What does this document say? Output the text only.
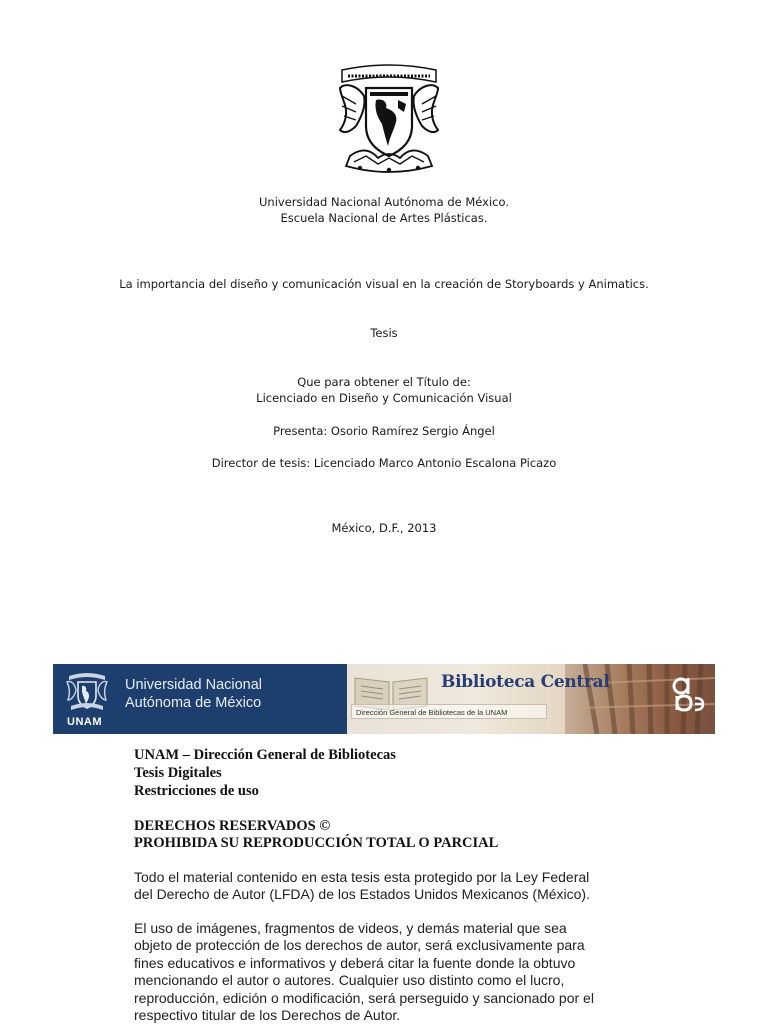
Universidad Nacional Autónoma de México.
Escuela Nacional de Artes Plásticas.
La importancia del diseño y comunicación visual en la creación de Storyboards y Animatics.
Tesis
Que para obtener el Título de:
Licenciado en Diseño y Comunicación Visual
Presenta: Osorio Ramírez Sergio Ángel
Director de tesis: Licenciado Marco Antonio Escalona Picazo
México, D.F., 2013
UNAM
Universidad Nacional
Autónoma de México
Biblioteca Central
Dirección General de Bibliotecas de la UNAM
UNAM – Dirección General de Bibliotecas
Tesis Digitales
Restricciones de uso
DERECHOS RESERVADOS ©
PROHIBIDA SU REPRODUCCIÓN TOTAL O PARCIAL

Todo el material contenido en esta tesis esta protegido por la Ley Federal
del Derecho de Autor (LFDA) de los Estados Unidos Mexicanos (México).

El uso de imágenes, fragmentos de videos, y demás material que sea
objeto de protección de los derechos de autor, será exclusivamente para
fines educativos e informativos y deberá citar la fuente donde la obtuvo
mencionando el autor o autores. Cualquier uso distinto como el lucro,
reproducción, edición o modificación, será perseguido y sancionado por el
respectivo titular de los Derechos de Autor.
